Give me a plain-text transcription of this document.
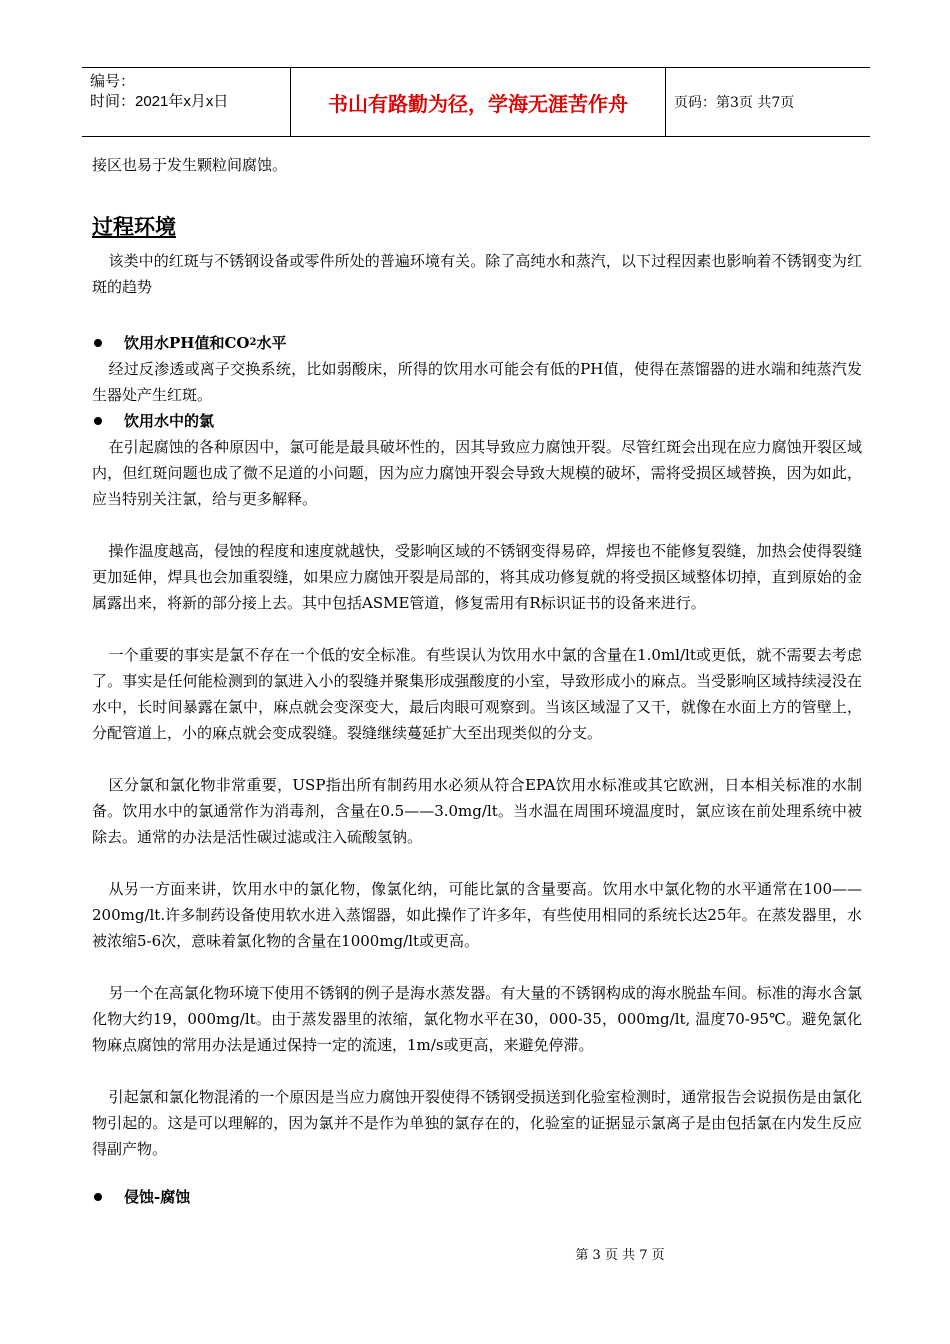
编号：
时间：2021年x月x日	书山有路勤为径，学海无涯苦作舟	页码：第3页 共7页

接区也易于发生颗粒间腐蚀。

过程环境

该类中的红斑与不锈钢设备或零件所处的普遍环境有关。除了高纯水和蒸汽，以下过程因素也影响着不锈钢变为红斑的趋势

饮用水PH值和CO 2 水平

经过反渗透或离子交换系统，比如弱酸床，所得的饮用水可能会有低的PH值，使得在蒸馏器的进水端和纯蒸汽发生器处产生红斑。

饮用水中的氯

在引起腐蚀的各种原因中，氯可能是最具破坏性的，因其导致应力腐蚀开裂。尽管红斑会出现在应力腐蚀开裂区域内，但红斑问题也成了微不足道的小问题，因为应力腐蚀开裂会导致大规模的破坏，需将受损区域替换，因为如此，应当特别关注氯，给与更多解释。

操作温度越高，侵蚀的程度和速度就越快，受影响区域的不锈钢变得易碎，焊接也不能修复裂缝，加热会使得裂缝更加延伸，焊具也会加重裂缝，如果应力腐蚀开裂是局部的，将其成功修复就的将受损区域整体切掉，直到原始的金属露出来，将新的部分接上去。其中包括ASME管道，修复需用有R标识证书的设备来进行。

一个重要的事实是氯不存在一个低的安全标准。有些误认为饮用水中氯的含量在1.0ml/lt或更低，就不需要去考虑了。事实是任何能检测到的氯进入小的裂缝并聚集形成强酸度的小室，导致形成小的麻点。当受影响区域持续浸没在水中，长时间暴露在氯中，麻点就会变深变大，最后肉眼可观察到。当该区域湿了又干，就像在水面上方的管壁上，分配管道上，小的麻点就会变成裂缝。裂缝继续蔓延扩大至出现类似的分支。

区分氯和氯化物非常重要，USP指出所有制药用水必须从符合EPA饮用水标准或其它欧洲，日本相关标准的水制备。饮用水中的氯通常作为消毒剂，含量在0.5——3.0mg/lt。当水温在周围环境温度时，氯应该在前处理系统中被除去。通常的办法是活性碳过滤或注入硫酸氢钠。

从另一方面来讲，饮用水中的氯化物，像氯化纳，可能比氯的含量要高。饮用水中氯化物的水平通常在100——200mg/lt.许多制药设备使用软水进入蒸馏器，如此操作了许多年，有些使用相同的系统长达25年。在蒸发器里，水被浓缩5-6次，意味着氯化物的含量在1000mg/lt或更高。

另一个在高氯化物环境下使用不锈钢的例子是海水蒸发器。有大量的不锈钢构成的海水脱盐车间。标准的海水含氯化物大约19，000mg/lt。由于蒸发器里的浓缩，氯化物水平在30，000-35，000mg/lt, 温度70-95℃。避免氯化物麻点腐蚀的常用办法是通过保持一定的流速，1m/s或更高，来避免停滞。

引起氯和氯化物混淆的一个原因是当应力腐蚀开裂使得不锈钢受损送到化验室检测时，通常报告会说损伤是由氯化物引起的。这是可以理解的，因为氯并不是作为单独的氯存在的，化验室的证据显示氯离子是由包括氯在内发生反应得副产物。

侵蚀-腐蚀
第 3 页 共 7 页
